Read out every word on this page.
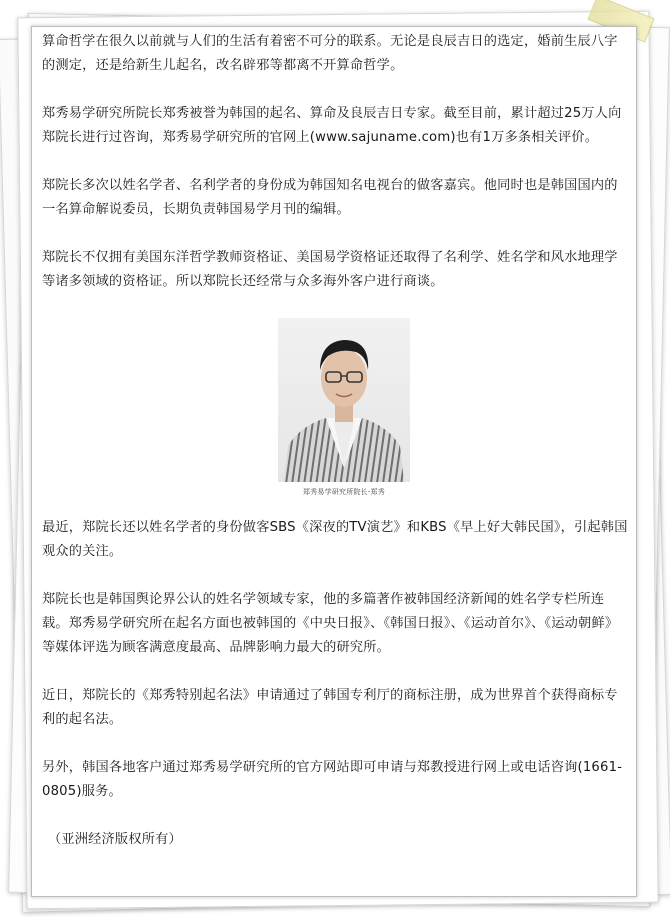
算命哲学在很久以前就与人们的生活有着密不可分的联系。无论是良辰吉日的选定，婚前生辰八字的测定，还是给新生儿起名，改名辟邪等都离不开算命哲学。

郑秀易学研究所院长郑秀被誉为韩国的起名、算命及良辰吉日专家。截至目前，累计超过25万人向郑院长进行过咨询，郑秀易学研究所的官网上(www.sajuname.com)也有1万多条相关评价。

郑院长多次以姓名学者、名利学者的身份成为韩国知名电视台的做客嘉宾。他同时也是韩国国内的一名算命解说委员，长期负责韩国易学月刊的编辑。

郑院长不仅拥有美国东洋哲学教师资格证、美国易学资格证还取得了名利学、姓名学和风水地理学等诸多领域的资格证。所以郑院长还经常与众多海外客户进行商谈。

郑秀易学研究所院长-郑秀

最近，郑院长还以姓名学者的身份做客SBS《深夜的TV演艺》和KBS《早上好大韩民国》，引起韩国观众的关注。

郑院长也是韩国舆论界公认的姓名学领域专家，他的多篇著作被韩国经济新闻的姓名学专栏所连载。郑秀易学研究所在起名方面也被韩国的《中央日报》、《韩国日报》、《运动首尔》、《运动朝鲜》等媒体评选为顾客满意度最高、品牌影响力最大的研究所。

近日，郑院长的《郑秀特别起名法》申请通过了韩国专利厅的商标注册，成为世界首个获得商标专利的起名法。

另外，韩国各地客户通过郑秀易学研究所的官方网站即可申请与郑教授进行网上或电话咨询(1661-0805)服务。

（亚洲经济版权所有）
